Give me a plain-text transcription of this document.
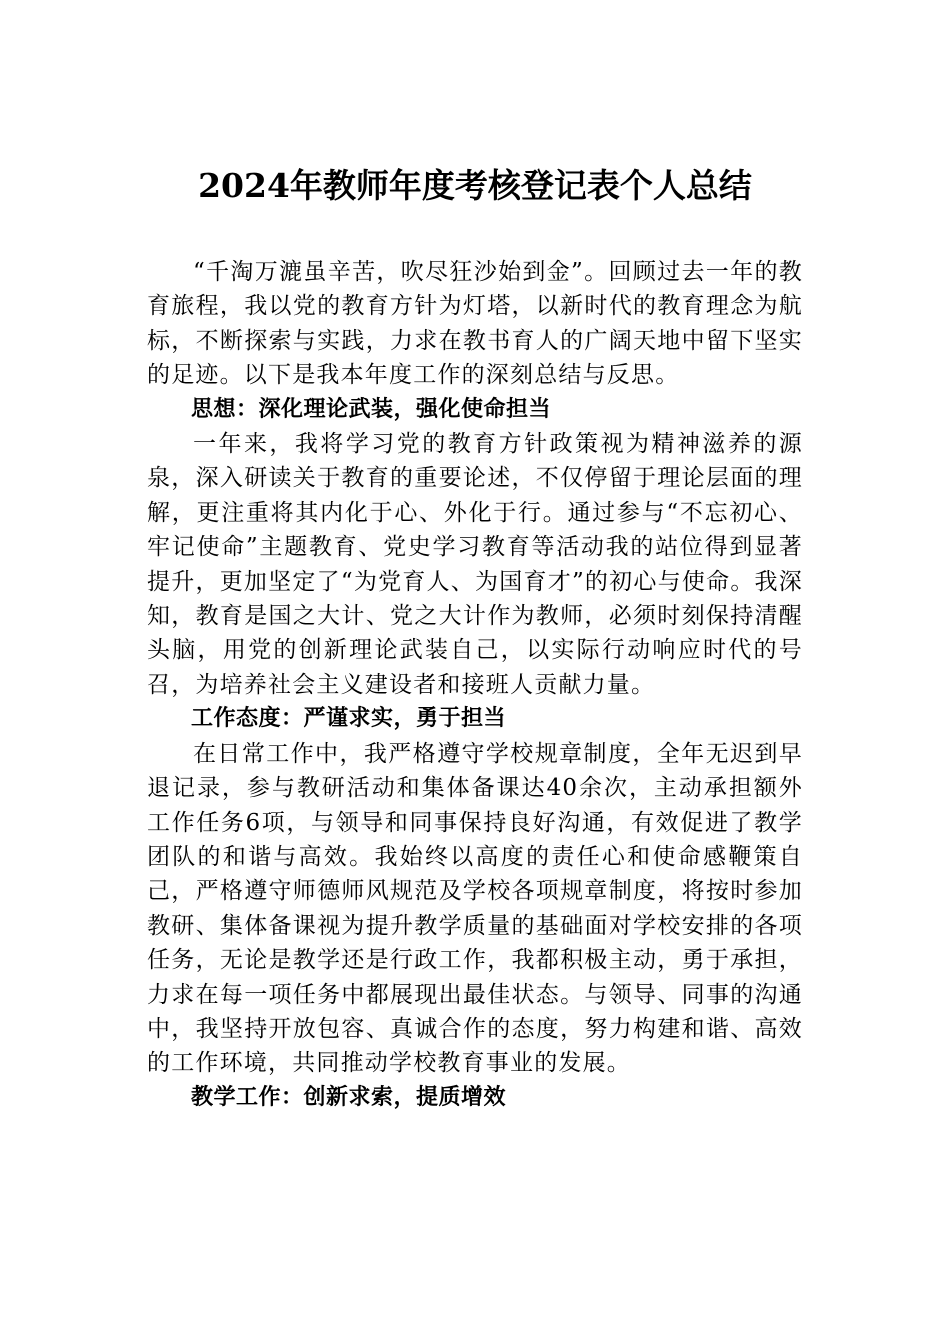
2024年教师年度考核登记表个人总结

“千淘万漉虽辛苦，吹尽狂沙始到金”。回顾过去一年的教育旅程，我以党的教育方针为灯塔，以新时代的教育理念为航标，不断探索与实践，力求在教书育人的广阔天地中留下坚实的足迹。以下是我本年度工作的深刻总结与反思。

思想：深化理论武装，强化使命担当

一年来，我将学习党的教育方针政策视为精神滋养的源泉，深入研读关于教育的重要论述，不仅停留于理论层面的理解，更注重将其内化于心、外化于行。通过参与“不忘初心、牢记使命”主题教育、党史学习教育等活动我的站位得到显著提升，更加坚定了“为党育人、为国育才”的初心与使命。我深知，教育是国之大计、党之大计作为教师，必须时刻保持清醒头脑，用党的创新理论武装自己，以实际行动响应时代的号召，为培养社会主义建设者和接班人贡献力量。

工作态度：严谨求实，勇于担当

在日常工作中，我严格遵守学校规章制度，全年无迟到早退记录，参与教研活动和集体备课达40余次，主动承担额外工作任务6项，与领导和同事保持良好沟通，有效促进了教学团队的和谐与高效。我始终以高度的责任心和使命感鞭策自己，严格遵守师德师风规范及学校各项规章制度，将按时参加教研、集体备课视为提升教学质量的基础面对学校安排的各项任务，无论是教学还是行政工作，我都积极主动，勇于承担，力求在每一项任务中都展现出最佳状态。与领导、同事的沟通中，我坚持开放包容、真诚合作的态度，努力构建和谐、高效的工作环境，共同推动学校教育事业的发展。

教学工作：创新求索，提质增效
